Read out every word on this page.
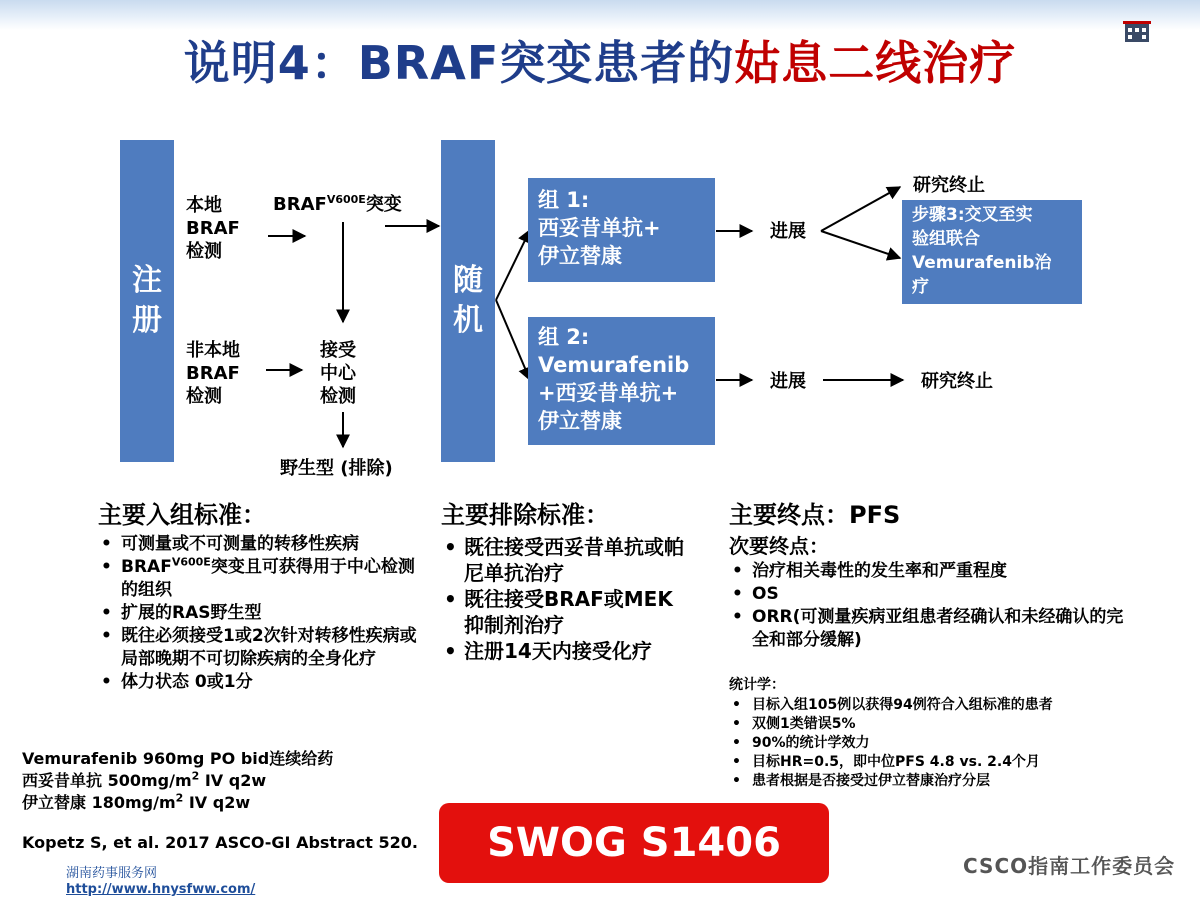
说明4：BRAF突变患者的姑息二线治疗
注册
本地
BRAF
检测
$BRAF^{V600E}$突变
非本地
BRAF
检测
接受
中心
检测
野生型 (排除)
随机
组 1:
西妥昔单抗+
伊立替康
组 2:
Vemurafenib
+西妥昔单抗+
伊立替康
进展
进展
研究终止
研究终止
步骤3:交叉至实
验组联合
Vemurafenib治
疗
主要入组标准：
• 可测量或不可测量的转移性疾病
• $BRAF^{V600E}$突变且可获得用于中心检测的组织
• 扩展的RAS野生型
• 既往必须接受1或2次针对转移性疾病或局部晚期不可切除疾病的全身化疗
• 体力状态 0或1分
主要排除标准：
• 既往接受西妥昔单抗或帕尼单抗治疗
• 既往接受BRAF或MEK抑制剂治疗
• 注册14天内接受化疗
主要终点：PFS
次要终点：
• 治疗相关毒性的发生率和严重程度
• OS
• ORR(可测量疾病亚组患者经确认和未经确认的完全和部分缓解)
统计学：
• 目标入组105例以获得94例符合入组标准的患者
• 双侧1类错误5%
• 90%的统计学效力
• 目标HR=0.5，即中位PFS 4.8 vs. 2.4个月
• 患者根据是否接受过伊立替康治疗分层
Vemurafenib 960mg PO bid连续给药
西妥昔单抗 $500mg/m^2$ IV q2w
伊立替康 $180mg/m^2$ IV q2w
Kopetz S, et al. 2017 ASCO-GI Abstract 520.	SWOG S1406
湖南药事服务网
http://www.hnysfww.com/
CSCO指南工作委员会
